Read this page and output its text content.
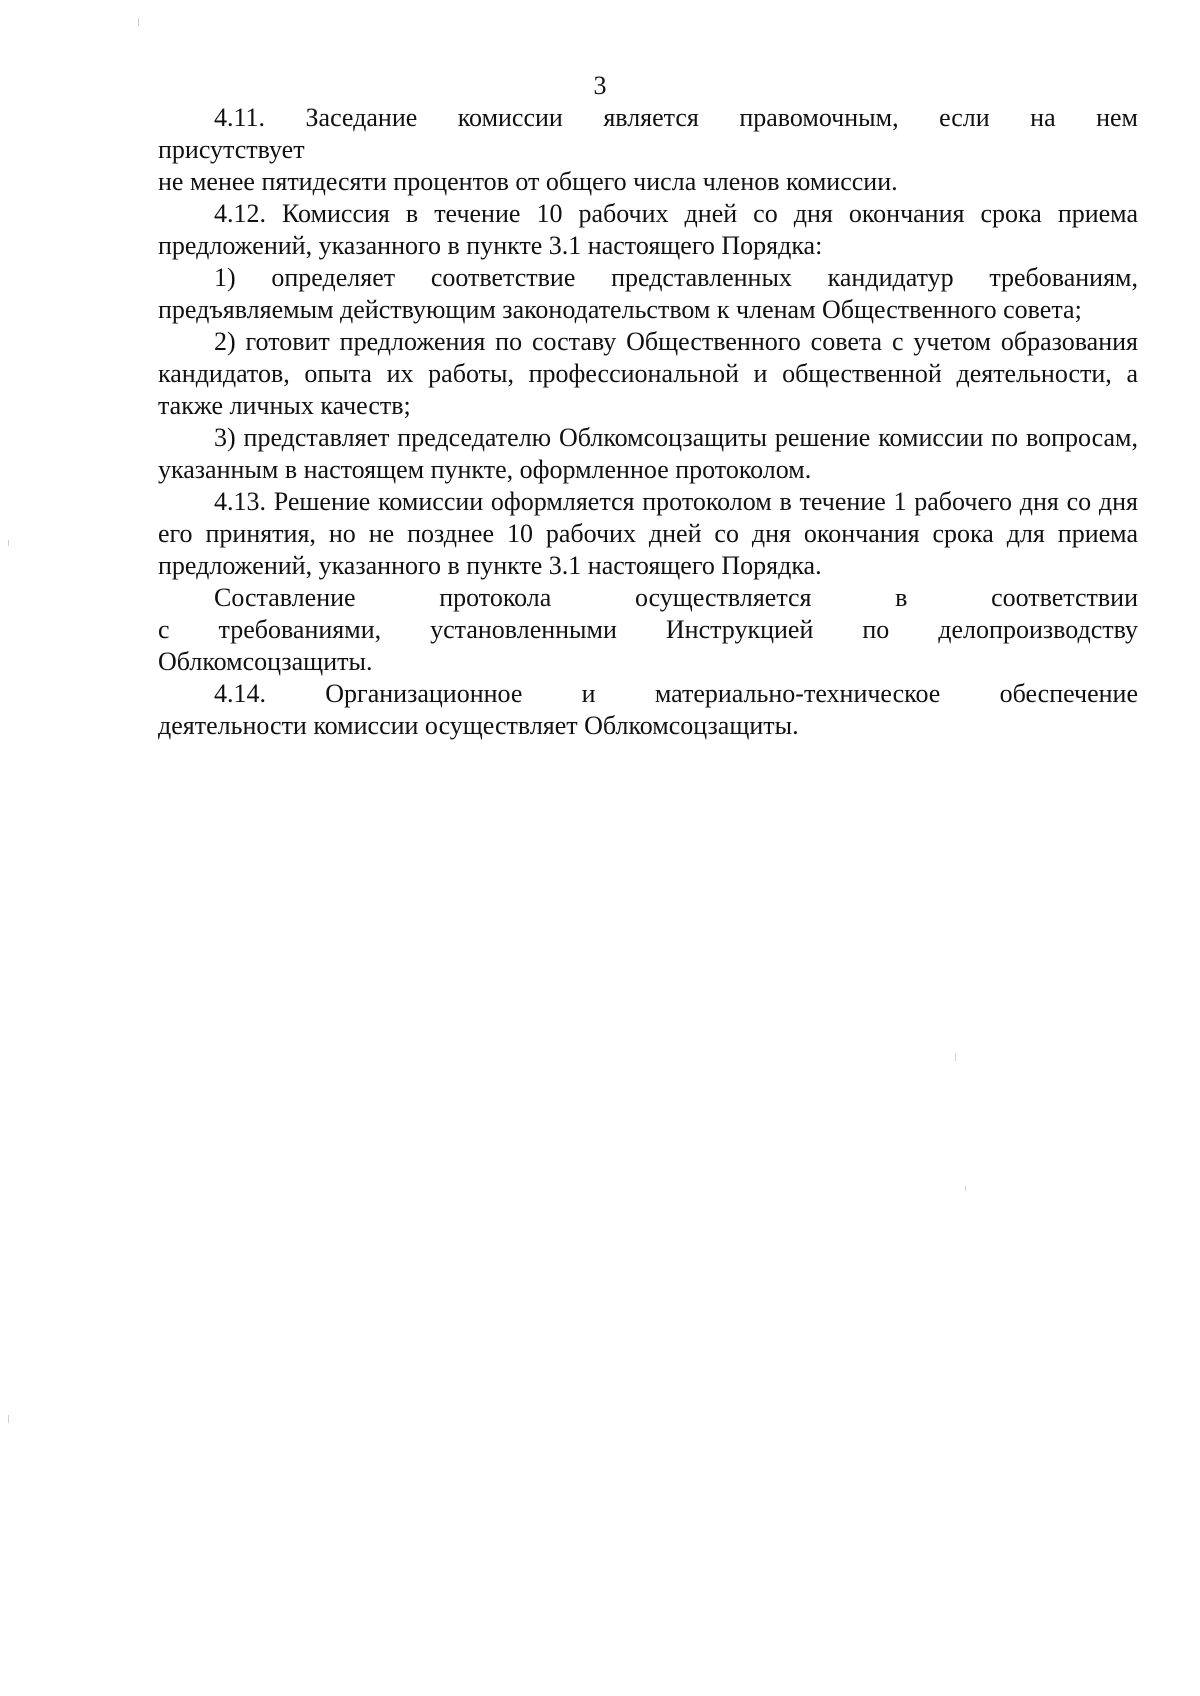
3

4.11. Заседание комиссии является правомочным, если на нем

присутствует

не менее пятидесяти процентов от общего числа членов комиссии.

4.12. Комиссия в течение 10 рабочих дней со дня окончания срока приема предложений, указанного в пункте 3.1 настоящего Порядка:

1) определяет соответствие представленных кандидатур требованиям, предъявляемым действующим законодательством к членам Общественного совета;

2) готовит предложения по составу Общественного совета с учетом образования кандидатов, опыта их работы, профессиональной и общественной деятельности, а также личных качеств;

3) представляет председателю Облкомсоцзащиты решение комиссии по вопросам, указанным в настоящем пункте, оформленное протоколом.

4.13. Решение комиссии оформляется протоколом в течение 1 рабочего дня со дня его принятия, но не позднее 10 рабочих дней со дня окончания срока для приема предложений, указанного в пункте 3.1 настоящего Порядка.

Составление протокола осуществляется в соответствии

с требованиями, установленными Инструкцией по делопроизводству

Облкомсоцзащиты.

4.14. Организационное и материально-техническое обеспечение

деятельности комиссии осуществляет Облкомсоцзащиты.
